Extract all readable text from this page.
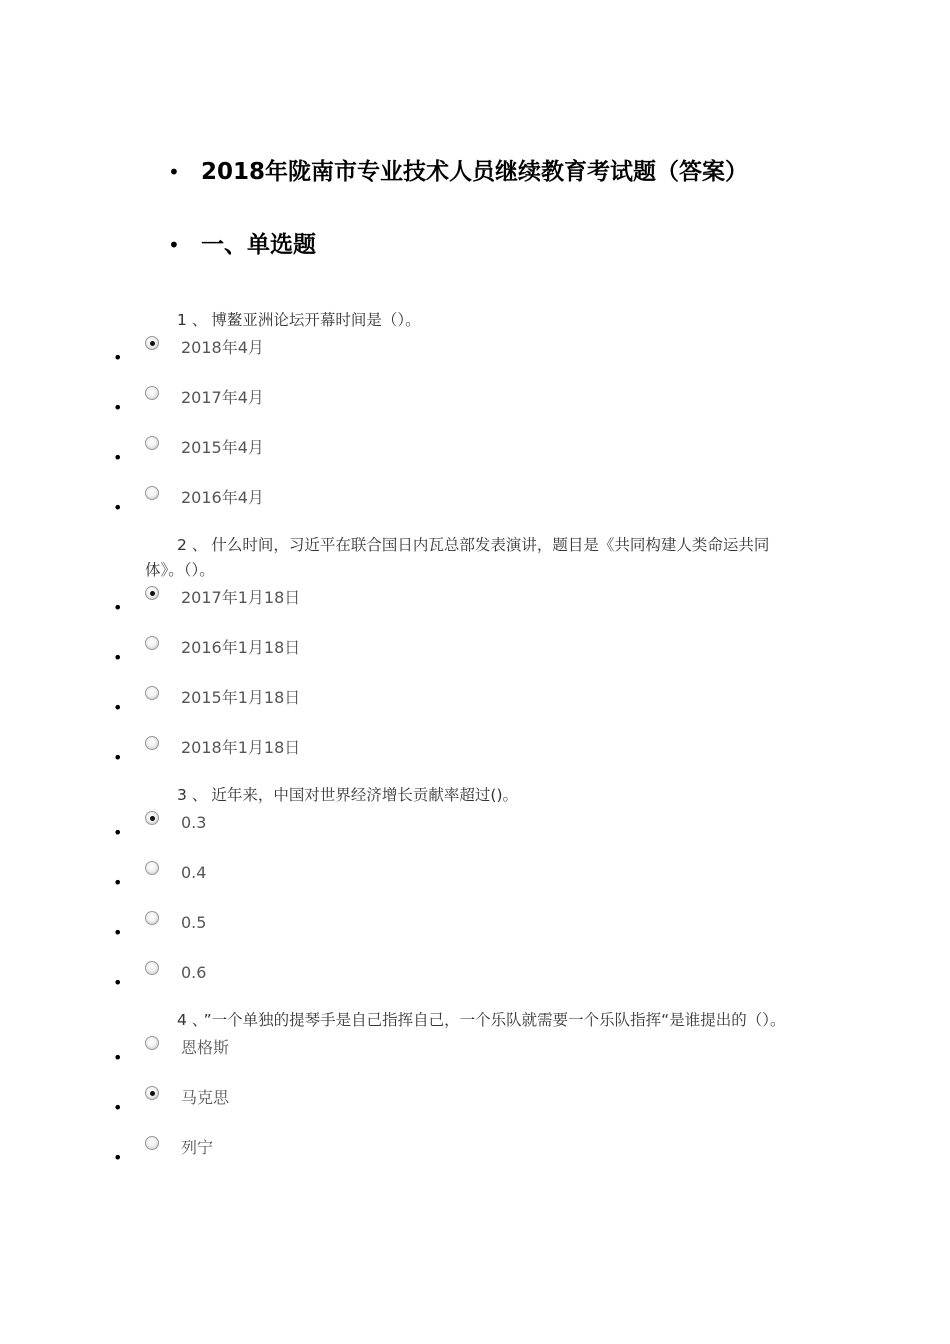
• 2018年陇南市专业技术人员继续教育考试题（答案）
• 一、单选题
1 、 博鳌亚洲论坛开幕时间是（）。
•
2018年4月
•
2017年4月
•
2015年4月
•
2016年4月
2 、 什么时间，习近平在联合国日内瓦总部发表演讲，题目是《共同构建人类命运共同体》。（）。
•
2017年1月18日
•
2016年1月18日
•
2015年1月18日
•
2018年1月18日
3 、 近年来，中国对世界经济增长贡献率超过()。
•
0.3
•
0.4
•
0.5
•
0.6
4 、 ”一个单独的提琴手是自己指挥自己，一个乐队就需要一个乐队指挥“是谁提出的（）。
•
恩格斯
•
马克思
•
列宁
